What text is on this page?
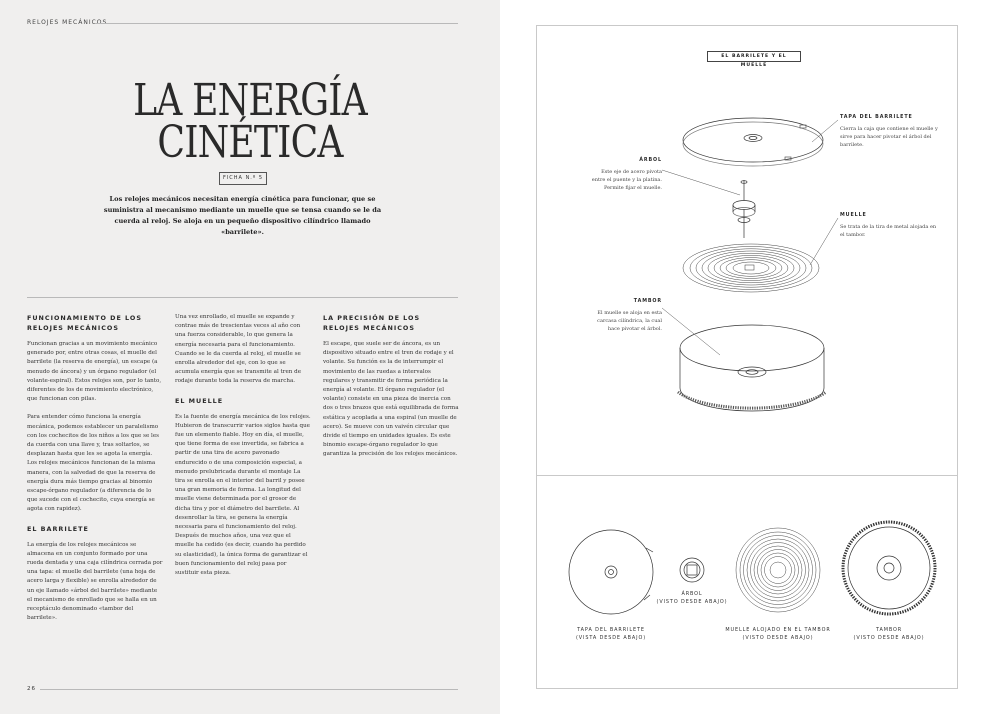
RELOJES MECÁNICOS
LA ENERGÍA
CINÉTICA
FICHA N.º 5
Los relojes mecánicos necesitan energía cinética para funcionar, que se suministra al mecanismo mediante un muelle que se tensa cuando se le da cuerda al reloj. Se aloja en un pequeño dispositivo cilíndrico llamado «barrilete».
FUNCIONAMIENTO DE LOS RELOJES MECÁNICOS

Funcionan gracias a un movimiento mecánico generado por, entre otras cosas, el muelle del barrilete (la reserva de energía), un escape (a menudo de áncora) y un órgano regulador (el volante-espiral). Estos relojes son, por lo tanto, diferentes de los de movimiento electrónico, que funcionan con pilas.

Para entender cómo funciona la energía mecánica, podemos establecer un paralelismo con los cochecitos de los niños a los que se les da cuerda con una llave y, tras soltarlos, se desplazan hasta que les se agota la energía. Los relojes mecánicos funcionan de la misma manera, con la salvedad de que la reserva de energía dura más tiempo gracias al binomio escape-órgano regulador (a diferencia de lo que sucede con el cochecito, cuya energía se agota con rapidez).

EL BARRILETE

La energía de los relojes mecánicos se almacena en un conjunto formado por una rueda dentada y una caja cilíndrica cerrada por una tapa: el muelle del barrilete (una hoja de acero larga y flexible) se enrolla alrededor de un eje llamado «árbol del barrilete» mediante el mecanismo de enrollado que se halla en un receptáculo denominado «tambor del barrilete».

Una vez enrollado, el muelle se expande y contrae más de trescientas veces al año con una fuerza considerable, lo que genera la energía necesaria para el funcionamiento. Cuando se le da cuerda al reloj, el muelle se enrolla alrededor del eje, con lo que se acumula energía que se transmite al tren de rodaje durante toda la reserva de marcha.

EL MUELLE

Es la fuente de energía mecánica de los relojes. Hubieron de transcurrir varios siglos hasta que fue un elemento fiable. Hoy en día, el muelle, que tiene forma de ese invertida, se fabrica a partir de una tira de acero pavonado endurecido o de una composición especial, a menudo prelubricada durante el montaje La tira se enrolla en el interior del barril y posee una gran memoria de forma. La longitud del muelle viene determinada por el grosor de dicha tira y por el diámetro del barrilete. Al desenrollar la tira, se genera la energía necesaria para el funcionamiento del reloj. Después de muchos años, una vez que el muelle ha cedido (es decir, cuando ha perdido su elasticidad), la única forma de garantizar el buen funcionamiento del reloj pasa por sustituir esta pieza.

LA PRECISIÓN DE LOS RELOJES MECÁNICOS

El escape, que suele ser de áncora, es un dispositivo situado entre el tren de rodaje y el volante. Su función es la de interrumpir el movimiento de las ruedas a intervalos regulares y transmitir de forma periódica la energía al volante. El órgano regulador (el volante) consiste en una pieza de inercia con dos o tres brazos que está equilibrada de forma estática y acoplada a una espiral (un muelle de acero). Se mueve con un vaivén circular que divide el tiempo en unidades iguales. Es este binomio escape-órgano regulador lo que garantiza la precisión de los relojes mecánicos.

26
EL BARRILETE Y EL MUELLE
TAPA DEL BARRILETE
Cierra la caja que contiene el muelle y sirve para hacer pivotar el árbol del barrilete.
ÁRBOL
Este eje de acero pivota entre el puente y la platina. Permite fijar el muelle.
MUELLE
Se trata de la tira de metal alojada en el tambor.
TAMBOR
El muelle se aloja en esta carcasa cilíndrica, la cual hace pivotar el árbol.
ÁRBOL
(VISTO DESDE ABAJO)
TAPA DEL BARRILETE
(VISTA DESDE ABAJO)
MUELLE ALOJADO EN EL TAMBOR
(VISTO DESDE ABAJO)
TAMBOR
(VISTO DESDE ABAJO)
